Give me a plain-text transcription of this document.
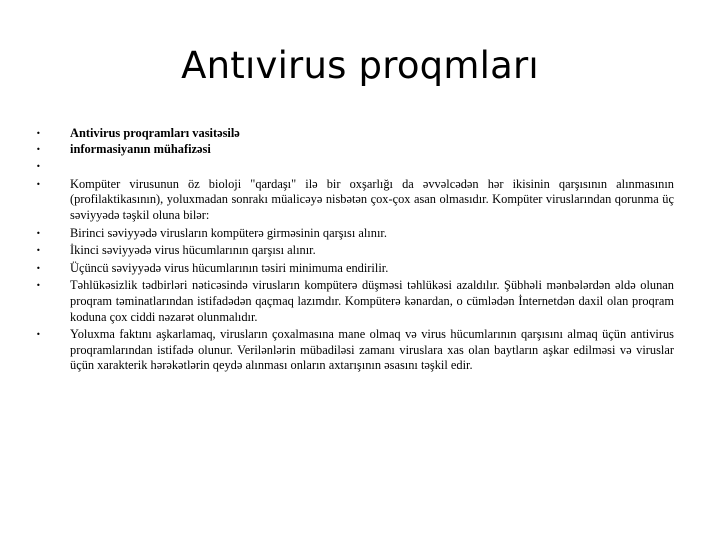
Antıvirus proqmları
•	Antivirus proqramları vasitəsilə
•	informasiyanın mühafizəsi
•
•	Kompüter virusunun öz bioloji "qardaşı" ilə bir oxşarlığı da əvvəlcədən hər ikisinin qarşısının alınmasının (profilaktikasının), yoluxmadan sonrakı müalicəyə nisbətən çox-çox asan olmasıdır. Kompüter viruslarından qorunma üç səviyyədə təşkil oluna bilər:
•	Birinci səviyyədə virusların kompüterə girməsinin qarşısı alınır.
•	İkinci səviyyədə virus hücumlarının qarşısı alınır.
•	Üçüncü səviyyədə virus hücumlarının təsiri minimuma endirilir.
•	Təhlükəsizlik tədbirləri nəticəsində virusların kompüterə düşməsi təhlükəsi azaldılır. Şübhəli mənbələrdən əldə olunan proqram təminatlarından istifadədən qaçmaq lazımdır. Kompüterə kənardan, o cümlədən İnternetdən daxil olan proqram koduna çox ciddi nəzarət olunmalıdır.
•	Yoluxma faktını aşkarlamaq, virusların çoxalmasına mane olmaq və virus hücumlarının qarşısını almaq üçün antivirus proqramlarından istifadə olunur. Verilənlərin mübadiləsi zamanı viruslara xas olan baytların aşkar edilməsi və viruslar üçün xarakterik hərəkətlərin qeydə alınması onların axtarışının əsasını təşkil edir.
